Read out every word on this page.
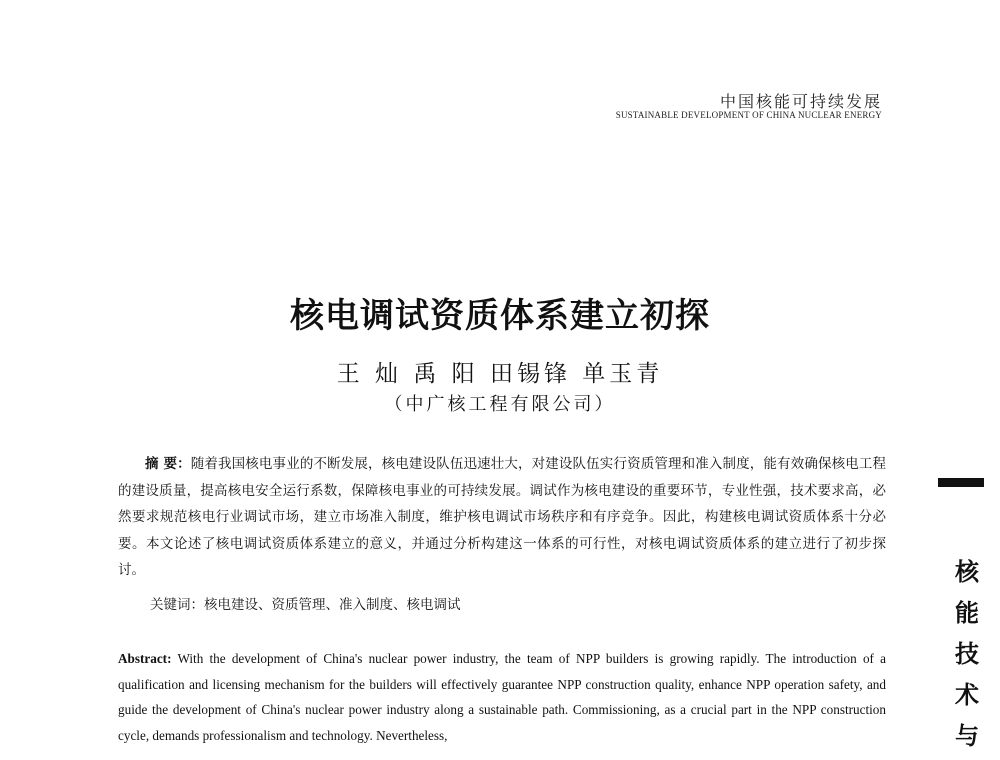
中国核能可持续发展
SUSTAINABLE DEVELOPMENT OF CHINA NUCLEAR ENERGY
核电调试资质体系建立初探
王 灿 禹 阳 田锡锋 单玉青
（中广核工程有限公司）

摘 要：随着我国核电事业的不断发展，核电建设队伍迅速壮大，对建设队伍实行资质管理和准入制度，能有效确保核电工程的建设质量，提高核电安全运行系数，保障核电事业的可持续发展。调试作为核电建设的重要环节，专业性强，技术要求高，必然要求规范核电行业调试市场，建立市场准入制度，维护核电调试市场秩序和有序竞争。因此，构建核电调试资质体系十分必要。本文论述了核电调试资质体系建立的意义，并通过分析构建这一体系的可行性，对核电调试资质体系的建立进行了初步探讨。

关键词：核电建设、资质管理、准入制度、核电调试

Abstract: With the development of China's nuclear power industry, the team of NPP builders is growing rapidly. The introduction of a qualification and licensing mechanism for the builders will effectively guarantee NPP construction quality, enhance NPP operation safety, and guide the development of China's nuclear power industry along a sustainable path. Commissioning, as a crucial part in the NPP construction cycle, demands professionalism and technology. Nevertheless,

核
能
技
术
与
